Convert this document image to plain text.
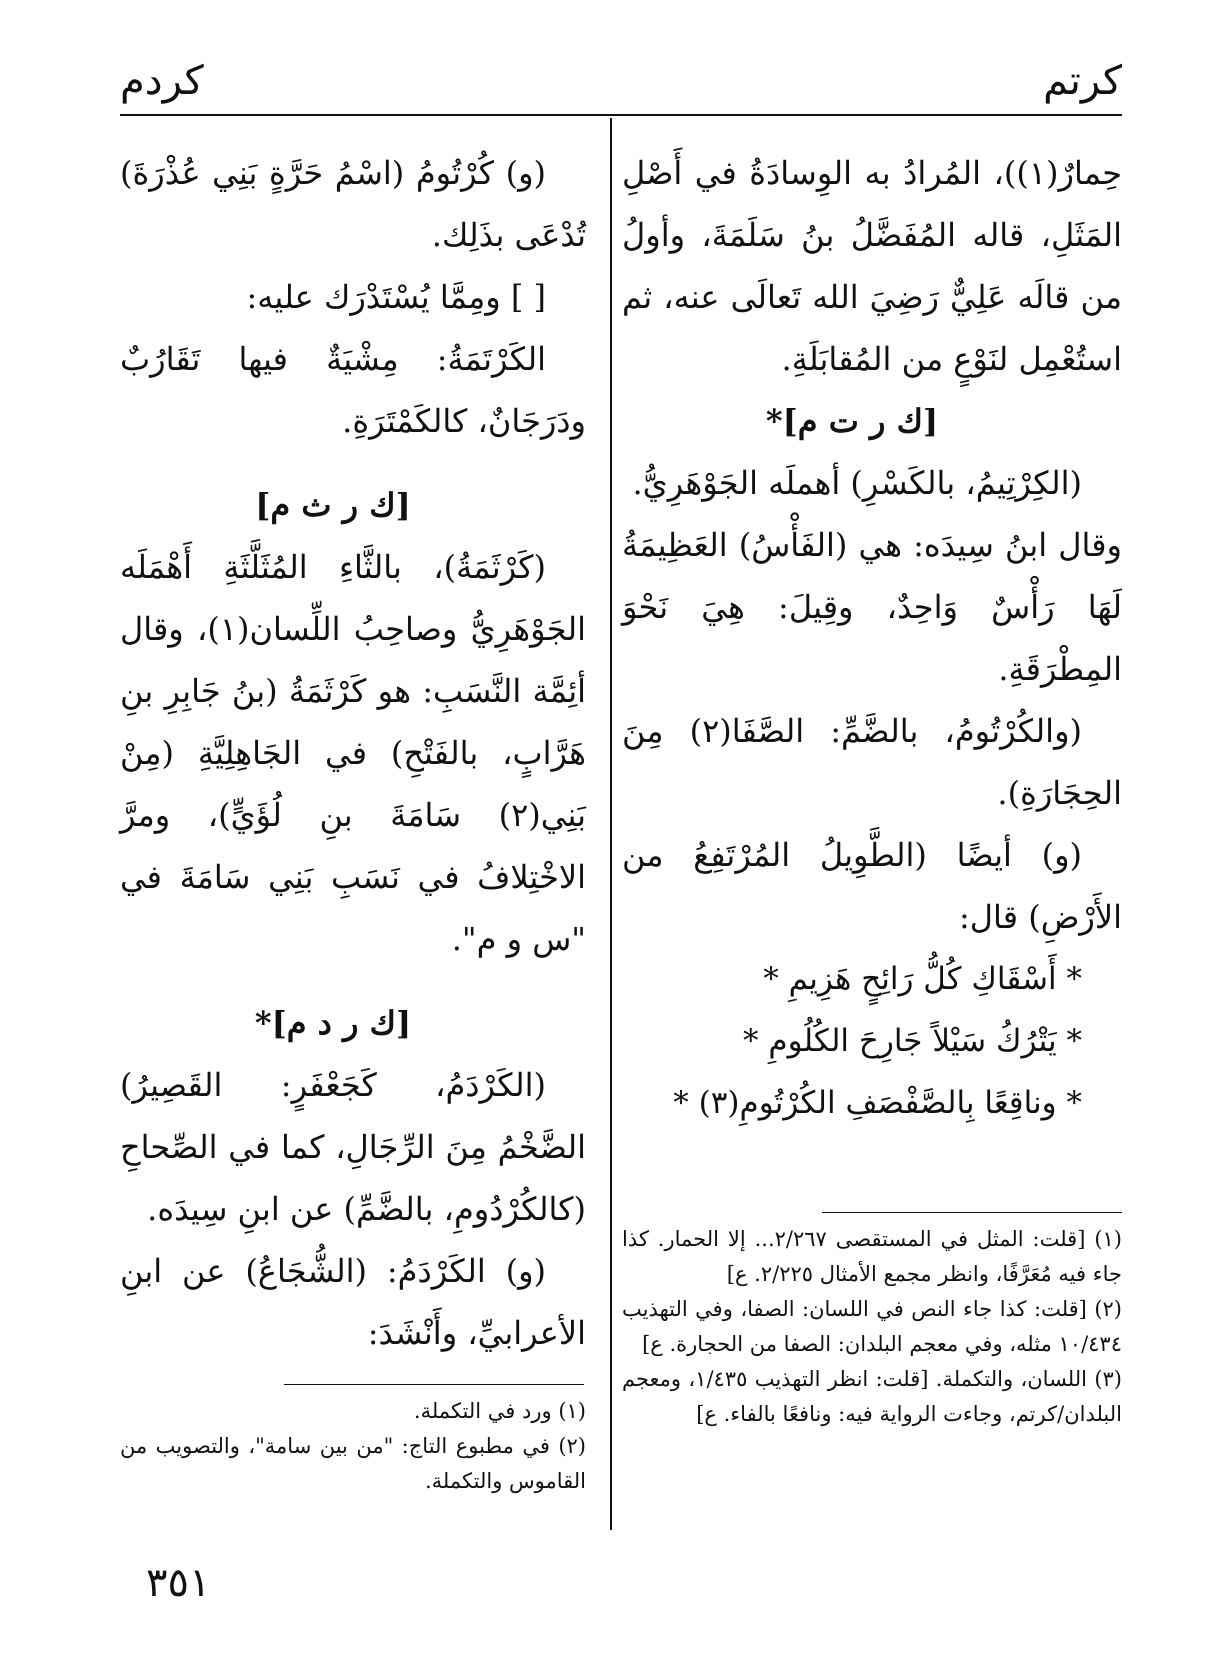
كرتم
كردم

حِمارٌ(١))، المُرادُ به الوِسادَةُ في أَصْلِ المَثَلِ، قاله المُفَضَّلُ بنُ سَلَمَةَ، وأولُ من قالَه عَلِيٌّ رَضِيَ الله تَعالَى عنه، ثم استُعْمِل لنَوْعٍ من المُقابَلَةِ.

[ك ر ت م]*

(الكِرْتِيمُ، بالكَسْرِ) أهملَه الجَوْهَرِيُّ.

وقال ابنُ سِيدَه: هي (الفَأْسُ) العَظِيمَةُ لَهَا رَأْسٌ وَاحِدٌ، وقِيلَ: هِيَ نَحْوَ المِطْرَقَةِ.

(والكُرْتُومُ، بالضَّمِّ: الصَّفَا(٢) مِنَ الحِجَارَةِ).

(و) أيضًا (الطَّوِيلُ المُرْتَفِعُ من الأَرْضِ) قال:

* أَسْقَاكِ كُلُّ رَائِحٍ هَزِيمِ *

* يَتْرُكُ سَيْلاً جَارِحَ الكُلُومِ *

* وناقِعًا بِالصَّفْصَفِ الكُرْتُومِ(٣) *

(١) [قلت: المثل في المستقصى ٢/٢٦٧... إلا الحمار. كذا جاء فيه مُعَرَّفًا، وانظر مجمع الأمثال ٢/٢٢٥. ع]

(٢) [قلت: كذا جاء النص في اللسان: الصفا، وفي التهذيب ١٠/٤٣٤ مثله، وفي معجم البلدان: الصفا من الحجارة. ع]

(٣) اللسان، والتكملة. [قلت: انظر التهذيب ١/٤٣٥، ومعجم البلدان/كرتم، وجاءت الرواية فيه: ونافعًا بالفاء. ع]

(و) كُرْتُومُ (اسْمُ حَرَّةٍ بَنِي عُذْرَةَ) تُدْعَى بذَلِك.

[ ] ومِمَّا يُسْتَدْرَك عليه:

الكَرْتَمَةُ: مِشْيَةٌ فيها تَقَارُبٌ ودَرَجَانٌ، كالكَمْتَرَةِ.

[ك ر ث م]

(كَرْثَمَةُ)، بالثَّاءِ المُثَلَّثَةِ أَهْمَلَه الجَوْهَرِيُّ وصاحِبُ اللِّسان(١)، وقال أئِمَّة النَّسَبِ: هو كَرْثَمَةُ (بنُ جَابِرِ بنِ هَرَّابٍ، بالفَتْحِ) في الجَاهِلِيَّةِ (مِنْ بَنِي(٢) سَامَةَ بنِ لُؤَيٍّ)، ومرَّ الاخْتِلافُ في نَسَبِ بَنِي سَامَةَ في "س و م".

[ك ر د م]*

(الكَرْدَمُ، كَجَعْفَرٍ: القَصِيرُ) الضَّخْمُ مِنَ الرِّجَالِ، كما في الصِّحاحِ (كالكُرْدُومِ، بالضَّمِّ) عن ابنِ سِيدَه.

(و) الكَرْدَمُ: (الشُّجَاعُ) عن ابنِ الأعرابيِّ، وأَنْشَدَ:

(١) ورد في التكملة.

(٢) في مطبوع التاج: "من بين سامة"، والتصويب من القاموس والتكملة.

٣٥١
